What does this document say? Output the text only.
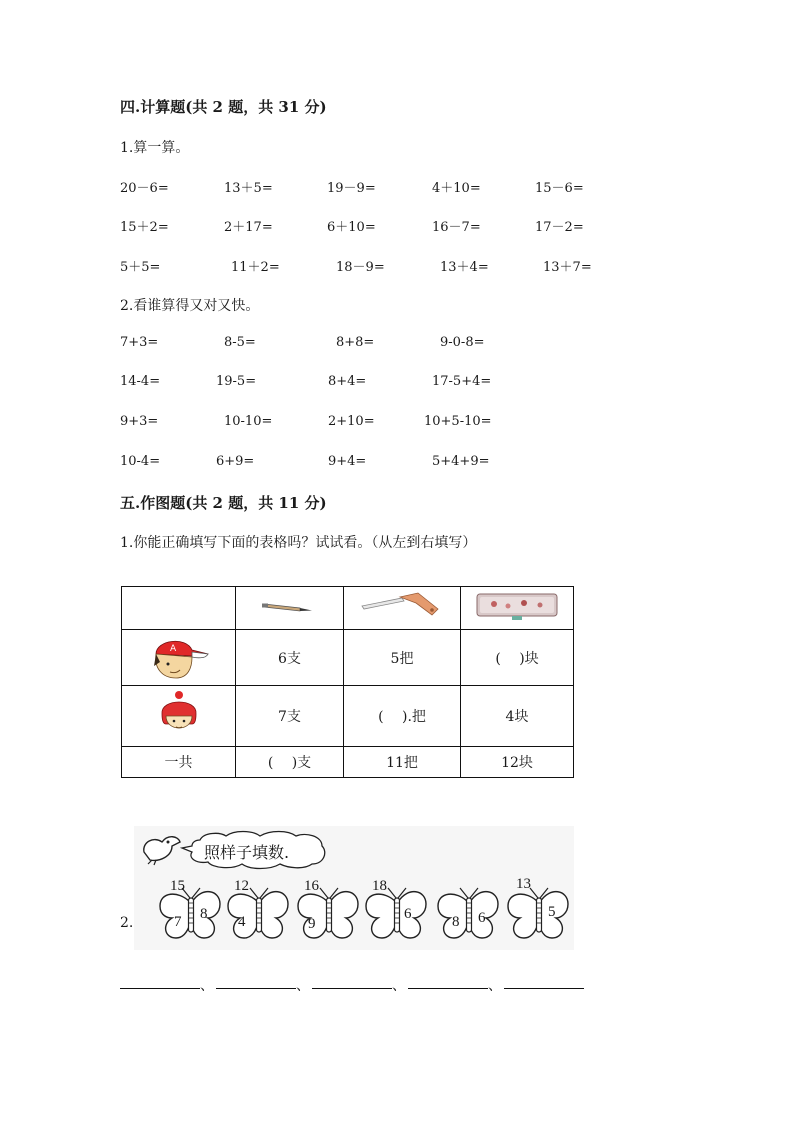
四.计算题(共 2 题，共 31 分)
1.算一算。
20－6=	13＋5=	19－9=	4＋10=	15－6=
15＋2=	2＋17=	6＋10=	16－7=	17－2=
5＋5=	11＋2=	18－9=	13＋4=	13＋7=
2.看谁算得又对又快。
7+3=	8-5=	8+8=	9-0-8=
14-4=	19-5=	8+4=	17-5+4=
9+3=	10-10=	2+10=	10+5-10=
10-4=	6+9=	9+4=	5+4+9=
五.作图题(共 2 题，共 11 分)
1.你能正确填写下面的表格吗？试试看。（从左到右填写）

A	6支	5把	(　 )块
	7支	(　 ).把	4块
一共	(　 )支	11把	12块
2.
照样子填数.
15
7 8
12
4
16
9
18
6	8 6
13
5
、	、	、	、
